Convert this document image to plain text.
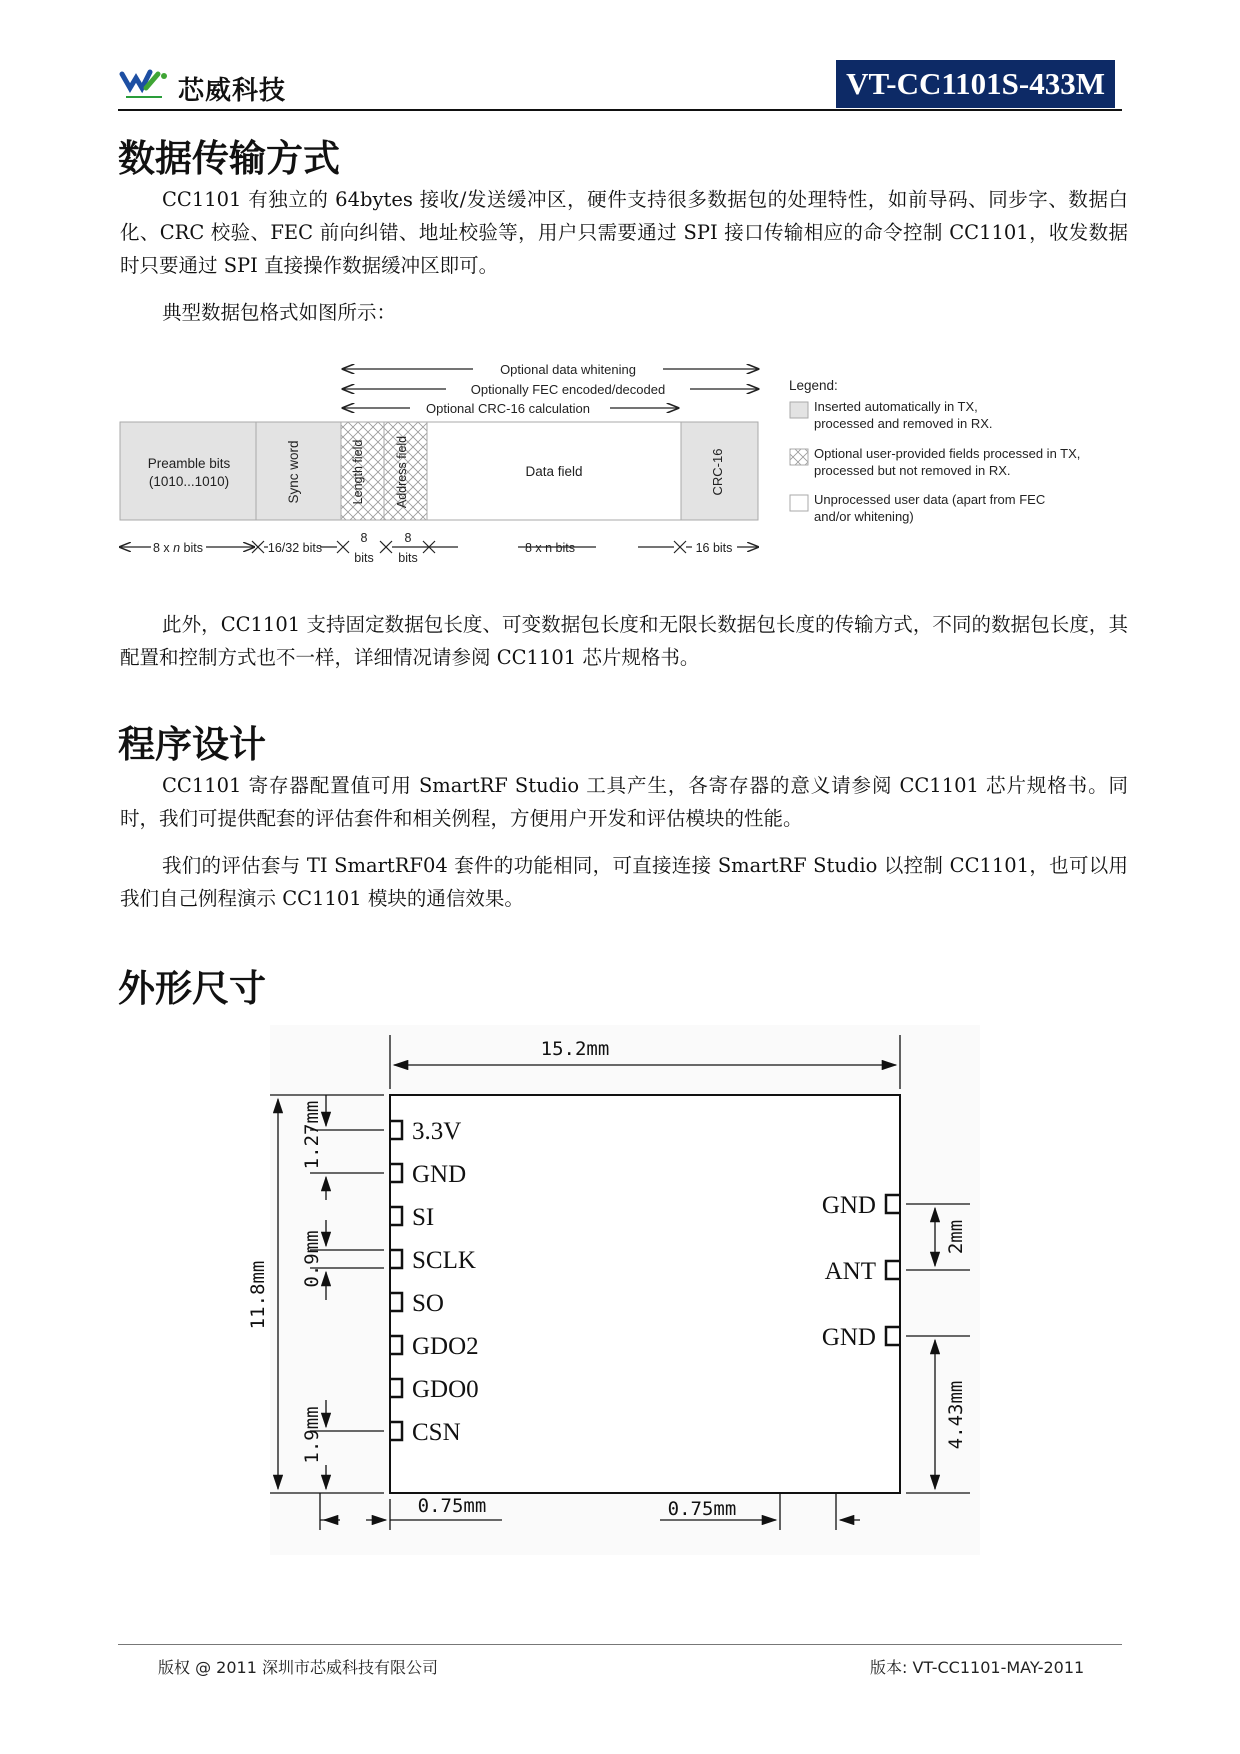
芯威科技	VT-CC1101S-433M
数据传输方式

CC1101 有独立的 64bytes 接收/发送缓冲区，硬件支持很多数据包的处理特性，如前导码、同步字、数据白化、CRC 校验、FEC 前向纠错、地址校验等，用户只需要通过 SPI 接口传输相应的命令控制 CC1101，收发数据时只要通过 SPI 直接操作数据缓冲区即可。

典型数据包格式如图所示：

Optional data whitening
Optionally FEC encoded/decoded
Optional CRC-16 calculation
Preamble bits
(1010...1010)	Sync word	Length field Address field	Data field	CRC-16
8 x n bits	16/32 bits
8
bits
8
bits
8 x n bits	16 bits
Legend:
Inserted automatically in TX,
processed and removed in RX.
Optional user-provided fields processed in TX,
processed but not removed in RX.
Unprocessed user data (apart from FEC
and/or whitening)

此外，CC1101 支持固定数据包长度、可变数据包长度和无限长数据包长度的传输方式，不同的数据包长度，其配置和控制方式也不一样，详细情况请参阅 CC1101 芯片规格书。

程序设计

CC1101 寄存器配置值可用 SmartRF Studio 工具产生，各寄存器的意义请参阅 CC1101 芯片规格书。同时，我们可提供配套的评估套件和相关例程，方便用户开发和评估模块的性能。

我们的评估套与 TI SmartRF04 套件的功能相同，可直接连接 SmartRF Studio 以控制 CC1101，也可以用我们自己例程演示 CC1101 模块的通信效果。

外形尺寸
3.3V
GND
SI
SCLK
SO
GDO2
GDO0
CSN
GND
ANT
GND
15.2mm
11.8mm
1.27mm
0.9mm
1.9mm
2mm
4.43mm
0.75mm	0.75mm
版权 @ 2011 深圳市芯威科技有限公司	版本: VT-CC1101-MAY-2011
